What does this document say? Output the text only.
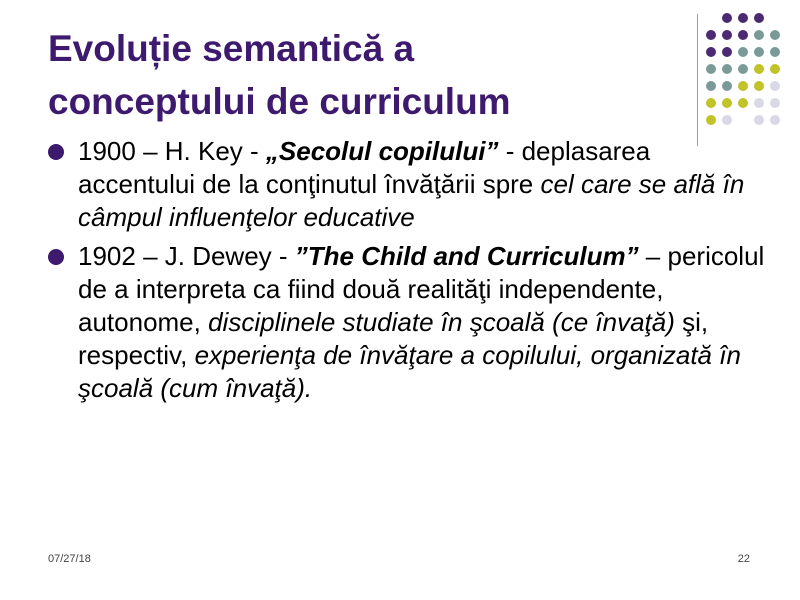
Evoluție semantică a
conceptului de curriculum
1900 – H. Key - „Secolul copilului” - deplasarea accentului de la conţinutul învăţării spre cel care se află în câmpul influenţelor educative
1902 – J. Dewey - ”The Child and Curriculum” – pericolul de a interpreta ca fiind două realităţi independente, autonome, disciplinele studiate în şcoală (ce învaţă) şi, respectiv, experienţa de învăţare a copilului, organizată în şcoală (cum învaţă).
07/27/18	22
